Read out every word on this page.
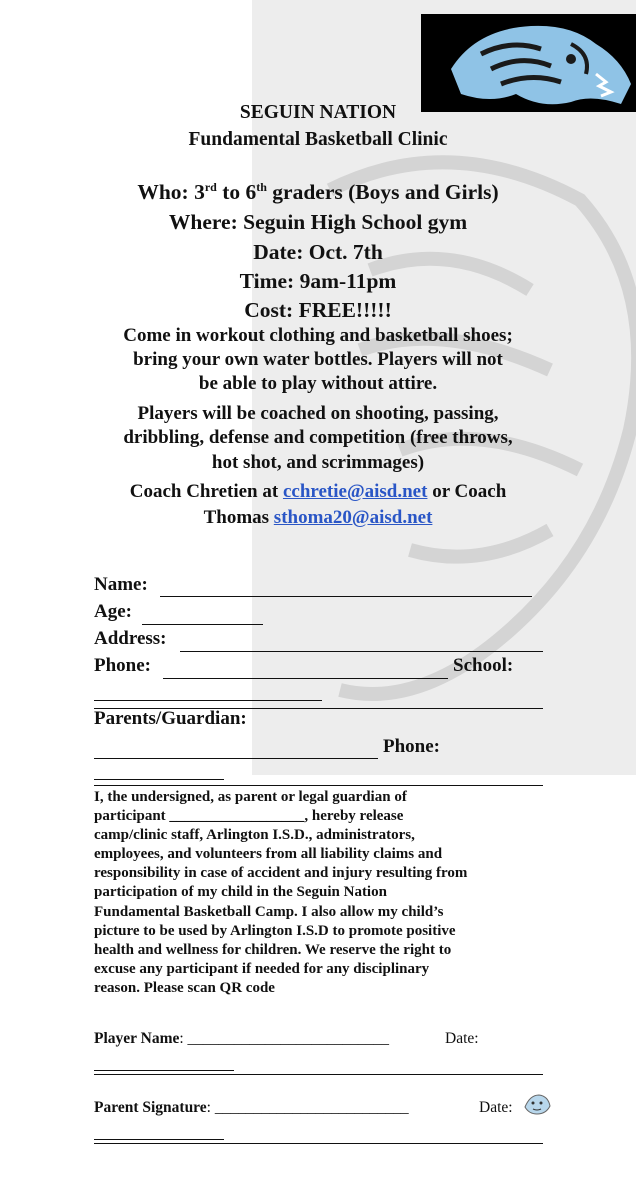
SEGUIN NATION
Fundamental Basketball Clinic
Who: 3rd to 6th graders (Boys and Girls)
Where: Seguin High School gym
Date: Oct. 7th
Time: 9am-11pm
Cost: FREE!!!!!
Come in workout clothing and basketball shoes;
bring your own water bottles. Players will not
be able to play without attire.
Players will be coached on shooting, passing,
dribbling, defense and competition (free throws,
hot shot, and scrimmages)
Coach Chretien at cchretie@aisd.net or Coach
Thomas sthoma20@aisd.net
Name:
Age:
Address:
Phone:	School:
Parents/Guardian:
Phone:
I, the undersigned, as parent or legal guardian of
participant __________________, hereby release
camp/clinic staff, Arlington I.S.D., administrators,
employees, and volunteers from all liability claims and
responsibility in case of accident and injury resulting from
participation of my child in the Seguin Nation
Fundamental Basketball Camp. I also allow my child’s
picture to be used by Arlington I.S.D to promote positive
health and wellness for children. We reserve the right to
excuse any participant if needed for any disciplinary
reason. Please scan QR code
Player Name: __________________________	Date:
Parent Signature: _________________________	Date:
